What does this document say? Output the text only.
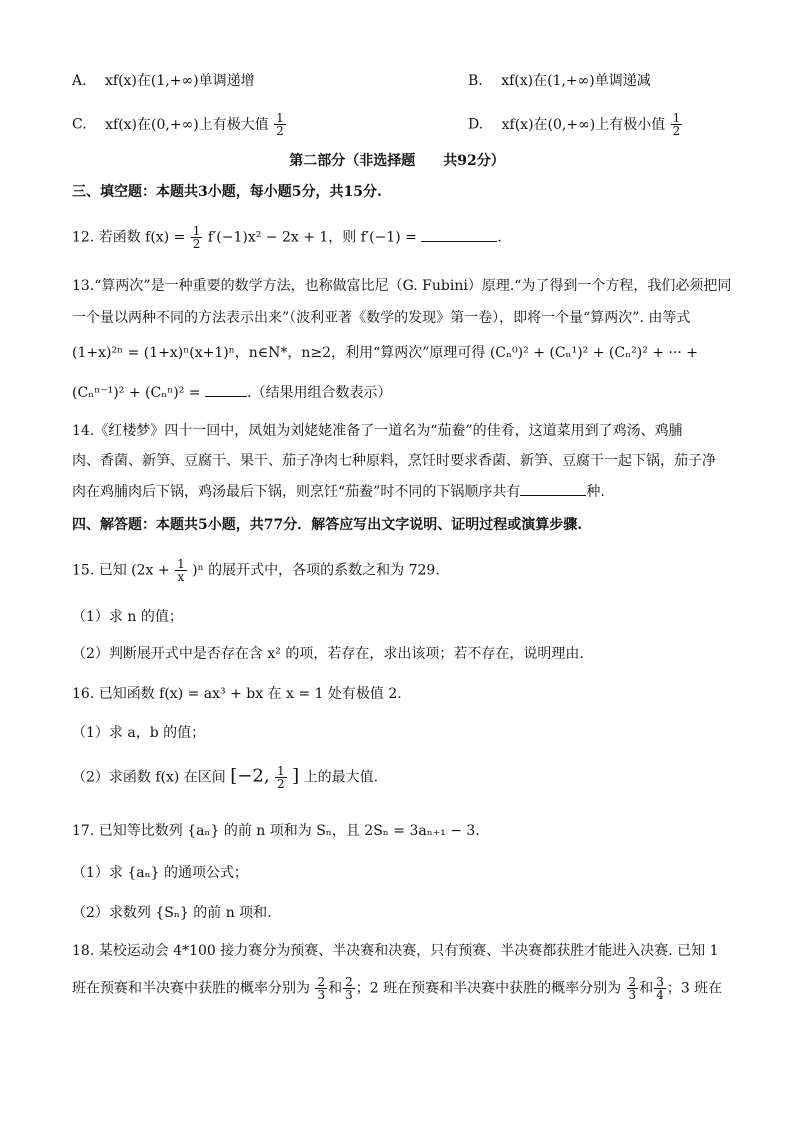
A. xf(x)在(1,+∞)单调递增	B. xf(x)在(1,+∞)单调递减
C. xf(x)在(0,+∞)上有极大值 $\frac{1}{2}$	D. xf(x)在(0,+∞)上有极小值 $\frac{1}{2}$
第二部分（非选择题　　共92分）
三、填空题：本题共3小题，每小题5分，共15分.
12. 若函数 $f(x) = \frac{1}{2} f'(-1)x^2 - 2x + 1$，则 f′(−1) =	.
13.“算两次”是一种重要的数学方法，也称做富比尼（G. Fubini）原理.“为了得到一个方程，我们必须把同
一个量以两种不同的方法表示出来”（波利亚著《数学的发现》第一卷），即将一个量“算两次”. 由等式
(1+x)²ⁿ = (1+x)ⁿ(x+1)ⁿ，n∈N*，n≥2，利用“算两次”原理可得 (Cₙ⁰)² + (Cₙ¹)² + (Cₙ²)² + ··· +
(Cₙⁿ⁻¹)² + (Cₙⁿ)² =	.（结果用组合数表示）
14.《红楼梦》四十一回中，凤姐为刘姥姥准备了一道名为“茄鲞”的佳肴，这道菜用到了鸡汤、鸡脯
肉、香菌、新笋、豆腐干、果干、茄子净肉七种原料，烹饪时要求香菌、新笋、豆腐干一起下锅，茄子净
肉在鸡脯肉后下锅，鸡汤最后下锅，则烹饪“茄鲞”时不同的下锅顺序共有	种.
四、解答题：本题共5小题，共77分．解答应写出文字说明、证明过程或演算步骤.
15. 已知 $(2x + \frac{1}{x} )^n$ 的展开式中，各项的系数之和为 729.
（1）求 n 的值；
（2）判断展开式中是否存在含 x² 的项，若存在，求出该项；若不存在，说明理由.
16. 已知函数 f(x) = ax³ + bx 在 x = 1 处有极值 2.
（1）求 a，b 的值；
（2）求函数 f(x) 在区间 [−2, $\frac{1}{2}$ ] 上的最大值.
17. 已知等比数列 {aₙ} 的前 n 项和为 Sₙ，且 2Sₙ = 3aₙ₊₁ − 3.
（1）求 {aₙ} 的通项公式；
（2）求数列 {Sₙ} 的前 n 项和.
18. 某校运动会 4*100 接力赛分为预赛、半决赛和决赛，只有预赛、半决赛都获胜才能进入决赛. 已知 1
班在预赛和半决赛中获胜的概率分别为 $\frac{2}{3}$ 和 $\frac{2}{3}$ ；2 班在预赛和半决赛中获胜的概率分别为 $\frac{2}{3}$ 和 $\frac{3}{4}$ ；3 班在
